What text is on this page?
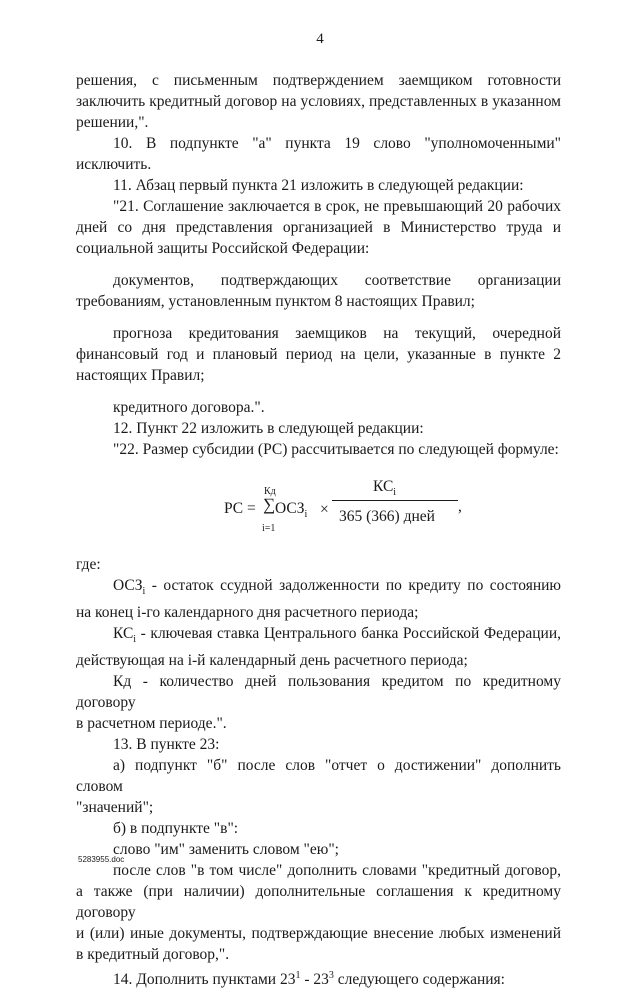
4

решения, с письменным подтверждением заемщиком готовности

заключить кредитный договор на условиях, представленных в указанном

решении,".

10. В подпункте "а" пункта 19 слово "уполномоченными" исключить.

11. Абзац первый пункта 21 изложить в следующей редакции:

"21. Соглашение заключается в срок, не превышающий 20 рабочих

дней со дня представления организацией в Министерство труда и

социальной защиты Российской Федерации:

документов, подтверждающих соответствие организации

требованиям, установленным пунктом 8 настоящих Правил;

прогноза кредитования заемщиков на текущий, очередной

финансовый год и плановый период на цели, указанные в пункте 2

настоящих Правил;

кредитного договора.".

12. Пункт 22 изложить в следующей редакции:

"22. Размер субсидии (РС) рассчитывается по следующей формуле:

РС =
Кд
∑
i=1
$ОСЗ_i$ ×
$КС_i$
365 (366) дней
,

где:

$ОСЗ_i$ - остаток ссудной задолженности по кредиту по состоянию

на конец i-го календарного дня расчетного периода;

$КС_i$ - ключевая ставка Центрального банка Российской Федерации,

действующая на i-й календарный день расчетного периода;

Кд - количество дней пользования кредитом по кредитному договору

в расчетном периоде.".

13. В пункте 23:

а) подпункт "б" после слов "отчет о достижении" дополнить словом

"значений";

б) в подпункте "в":

слово "им" заменить словом "ею";

после слов "в том числе" дополнить словами "кредитный договор,

а также (при наличии) дополнительные соглашения к кредитному договору

и (или) иные документы, подтверждающие внесение любых изменений

в кредитный договор,".

14. Дополнить пунктами $23^1 - 23^3$ следующего содержания:

5283955.doc
